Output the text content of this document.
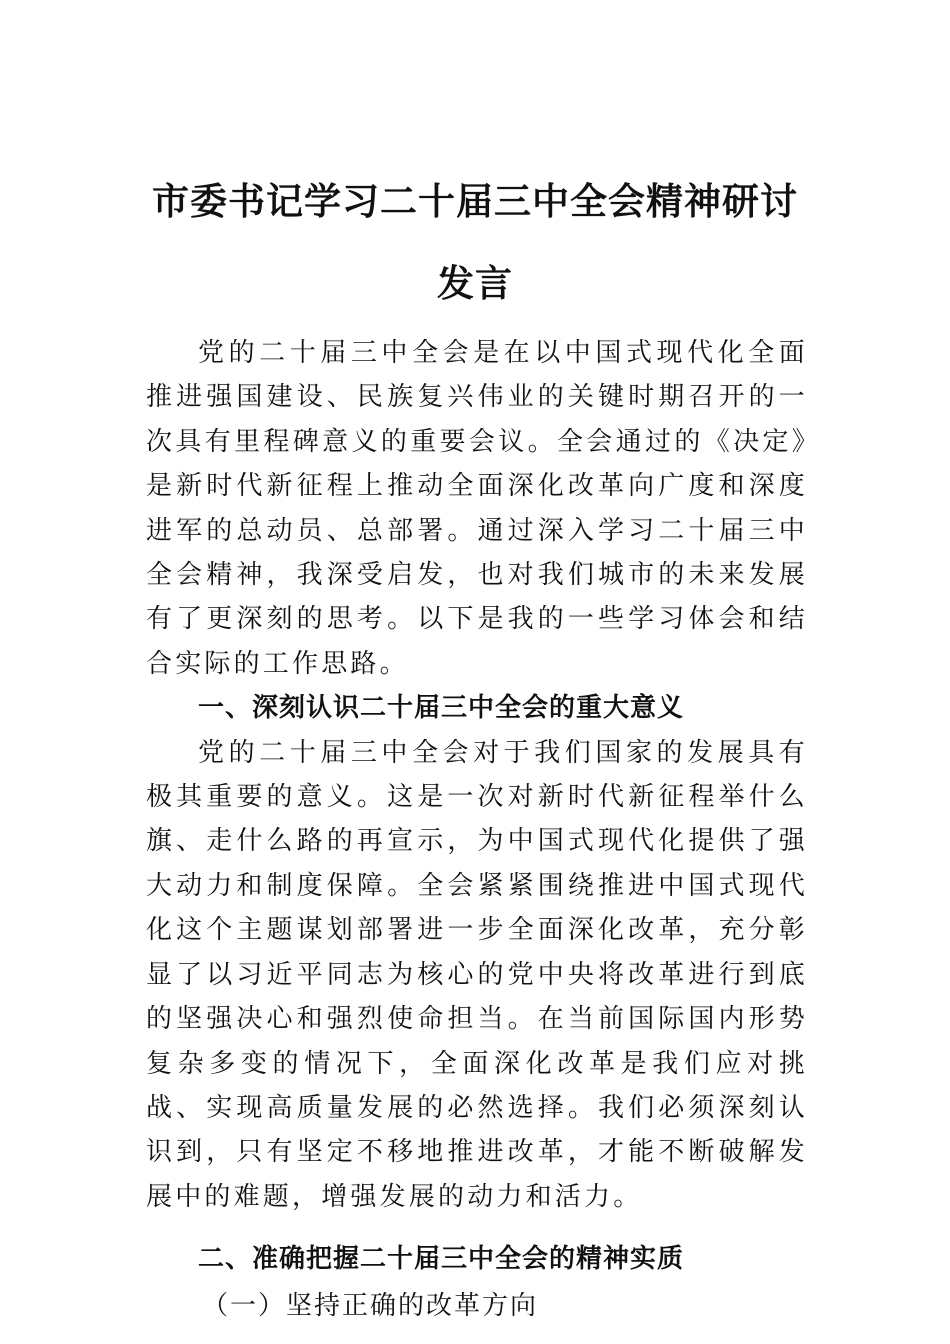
市委书记学习二十届三中全会精神研讨发言

党的二十届三中全会是在以中国式现代化全面推进强国建设、民族复兴伟业的关键时期召开的一次具有里程碑意义的重要会议。全会通过的《决定》是新时代新征程上推动全面深化改革向广度和深度进军的总动员、总部署。通过深入学习二十届三中全会精神，我深受启发，也对我们城市的未来发展有了更深刻的思考。以下是我的一些学习体会和结合实际的工作思路。

一、深刻认识二十届三中全会的重大意义

党的二十届三中全会对于我们国家的发展具有极其重要的意义。这是一次对新时代新征程举什么旗、走什么路的再宣示，为中国式现代化提供了强大动力和制度保障。全会紧紧围绕推进中国式现代化这个主题谋划部署进一步全面深化改革，充分彰显了以习近平同志为核心的党中央将改革进行到底的坚强决心和强烈使命担当。在当前国际国内形势复杂多变的情况下，全面深化改革是我们应对挑战、实现高质量发展的必然选择。我们必须深刻认识到，只有坚定不移地推进改革，才能不断破解发展中的难题，增强发展的动力和活力。

二、准确把握二十届三中全会的精神实质

（一）坚持正确的改革方向
